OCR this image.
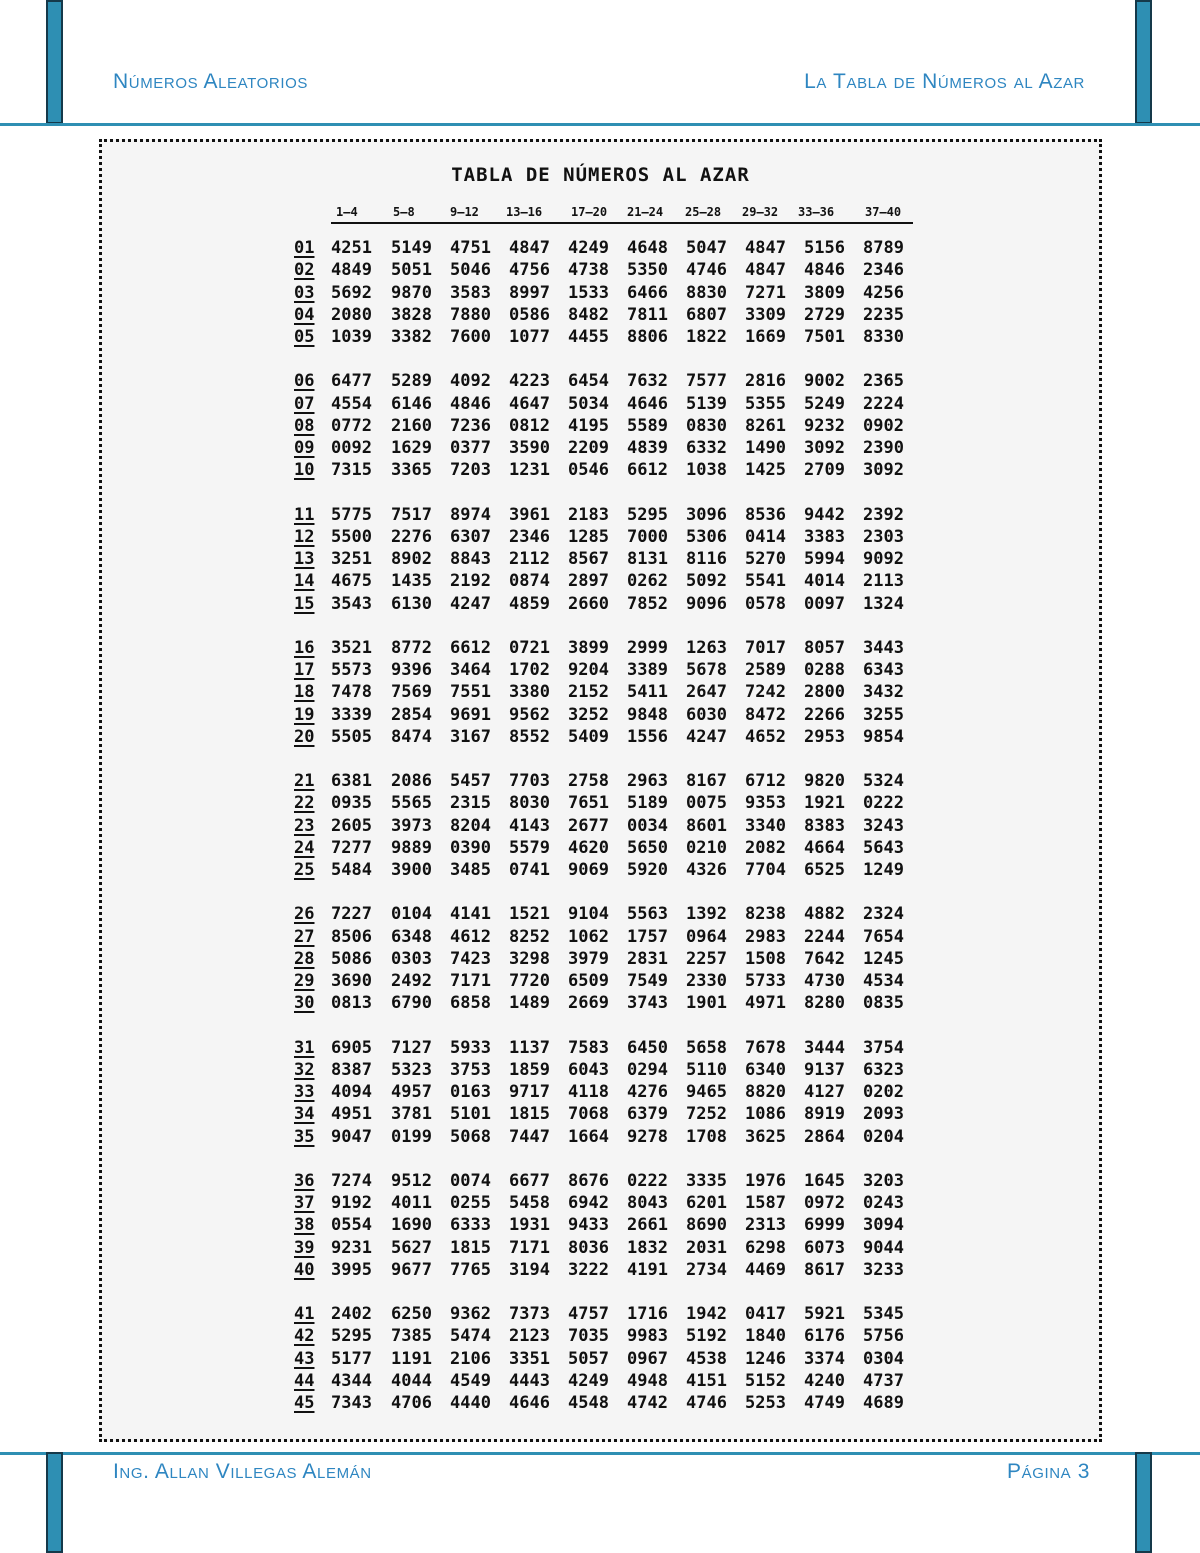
Números Aleatorios	La Tabla de Números al Azar
TABLA DE NÚMEROS AL AZAR
1–4	5–8	9–12 13–16 17–20 21–24 25—28 29–32 33–36	37–40
01 4251 5149 4751 4847 4249 4648 5047 4847 5156 8789
02 4849 5051 5046 4756 4738 5350 4746 4847 4846 2346
03 5692 9870 3583 8997 1533 6466 8830 7271 3809 4256
04 2080 3828 7880 0586 8482 7811 6807 3309 2729 2235
05 1039 3382 7600 1077 4455 8806 1822 1669 7501 8330
06 6477 5289 4092 4223 6454 7632 7577 2816 9002 2365
07 4554 6146 4846 4647 5034 4646 5139 5355 5249 2224
08 0772 2160 7236 0812 4195 5589 0830 8261 9232 0902
09 0092 1629 0377 3590 2209 4839 6332 1490 3092 2390
10 7315 3365 7203 1231 0546 6612 1038 1425 2709 3092
11 5775 7517 8974 3961 2183 5295 3096 8536 9442 2392
12 5500 2276 6307 2346 1285 7000 5306 0414 3383 2303
13 3251 8902 8843 2112 8567 8131 8116 5270 5994 9092
14 4675 1435 2192 0874 2897 0262 5092 5541 4014 2113
15 3543 6130 4247 4859 2660 7852 9096 0578 0097 1324
16 3521 8772 6612 0721 3899 2999 1263 7017 8057 3443
17 5573 9396 3464 1702 9204 3389 5678 2589 0288 6343
18 7478 7569 7551 3380 2152 5411 2647 7242 2800 3432
19 3339 2854 9691 9562 3252 9848 6030 8472 2266 3255
20 5505 8474 3167 8552 5409 1556 4247 4652 2953 9854
21 6381 2086 5457 7703 2758 2963 8167 6712 9820 5324
22 0935 5565 2315 8030 7651 5189 0075 9353 1921 0222
23 2605 3973 8204 4143 2677 0034 8601 3340 8383 3243
24 7277 9889 0390 5579 4620 5650 0210 2082 4664 5643
25 5484 3900 3485 0741 9069 5920 4326 7704 6525 1249
26 7227 0104 4141 1521 9104 5563 1392 8238 4882 2324
27 8506 6348 4612 8252 1062 1757 0964 2983 2244 7654
28 5086 0303 7423 3298 3979 2831 2257 1508 7642 1245
29 3690 2492 7171 7720 6509 7549 2330 5733 4730 4534
30 0813 6790 6858 1489 2669 3743 1901 4971 8280 0835
31 6905 7127 5933 1137 7583 6450 5658 7678 3444 3754
32 8387 5323 3753 1859 6043 0294 5110 6340 9137 6323
33 4094 4957 0163 9717 4118 4276 9465 8820 4127 0202
34 4951 3781 5101 1815 7068 6379 7252 1086 8919 2093
35 9047 0199 5068 7447 1664 9278 1708 3625 2864 0204
36 7274 9512 0074 6677 8676 0222 3335 1976 1645 3203
37 9192 4011 0255 5458 6942 8043 6201 1587 0972 0243
38 0554 1690 6333 1931 9433 2661 8690 2313 6999 3094
39 9231 5627 1815 7171 8036 1832 2031 6298 6073 9044
40 3995 9677 7765 3194 3222 4191 2734 4469 8617 3233
41 2402 6250 9362 7373 4757 1716 1942 0417 5921 5345
42 5295 7385 5474 2123 7035 9983 5192 1840 6176 5756
43 5177 1191 2106 3351 5057 0967 4538 1246 3374 0304
44 4344 4044 4549 4443 4249 4948 4151 5152 4240 4737
45 7343 4706 4440 4646 4548 4742 4746 5253 4749 4689
Ing. Allan Villegas Alemán	Página 3
